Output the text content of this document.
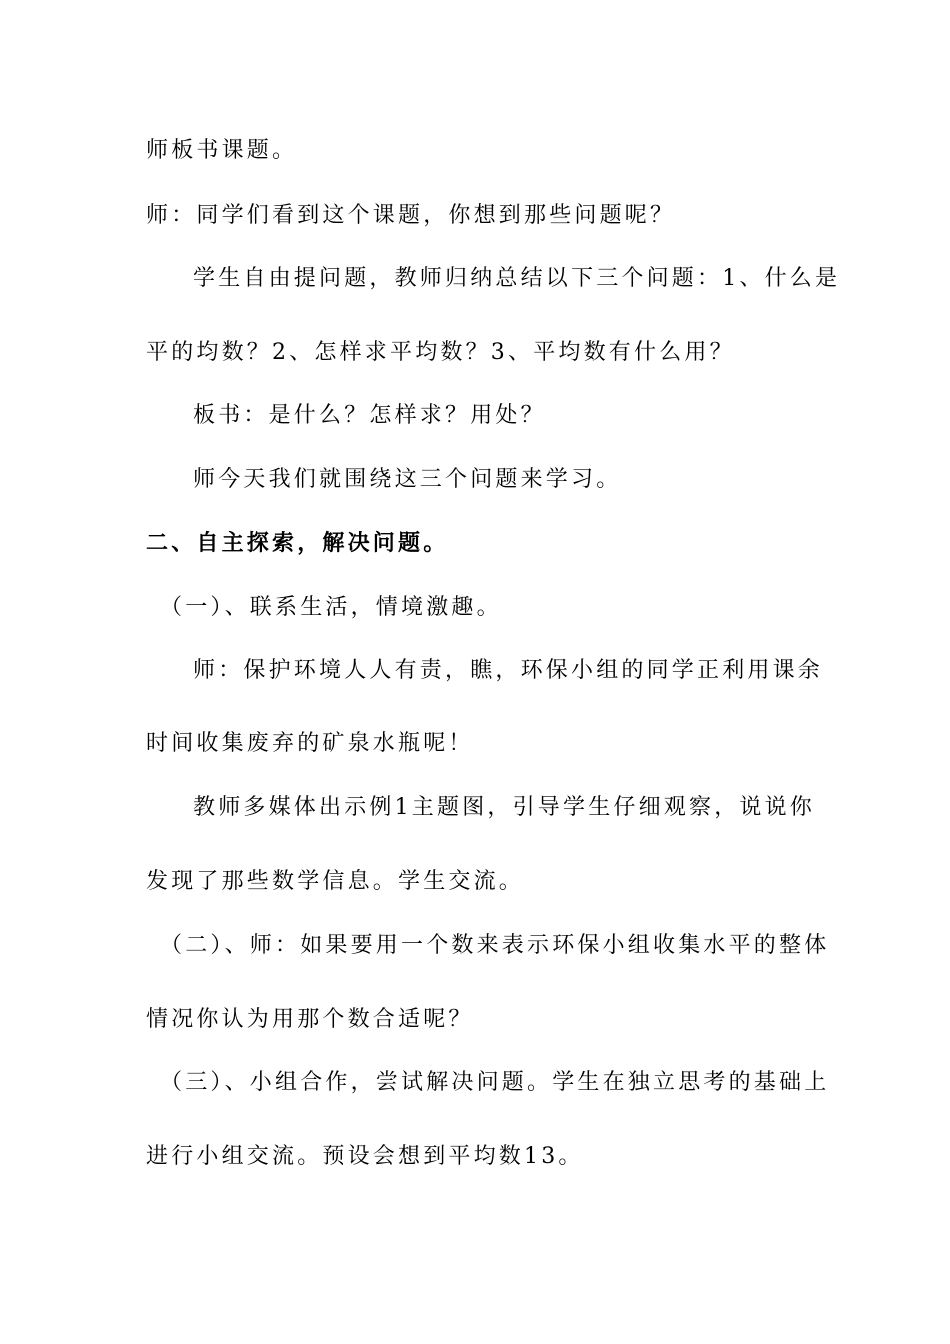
师板书课题。
师：同学们看到这个课题，你想到那些问题呢？
学生自由提问题，教师归纳总结以下三个问题：1、什么是
平的均数？2、怎样求平均数？3、平均数有什么用？
板书：是什么？怎样求？用处？
师今天我们就围绕这三个问题来学习。
二、自主探索，解决问题。
（一）、联系生活，情境激趣。
师：保护环境人人有责，瞧，环保小组的同学正利用课余
时间收集废弃的矿泉水瓶呢！
教师多媒体出示例1主题图，引导学生仔细观察，说说你
发现了那些数学信息。学生交流。
（二）、师：如果要用一个数来表示环保小组收集水平的整体
情况你认为用那个数合适呢？
（三）、小组合作，尝试解决问题。学生在独立思考的基础上
进行小组交流。预设会想到平均数13。
